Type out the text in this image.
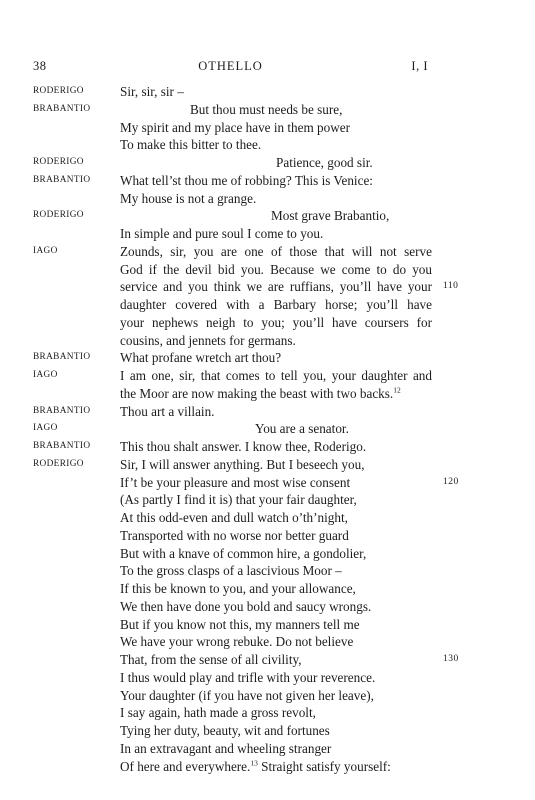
38	OTHELLO	I, I
RODERIGO	Sir, sir, sir –
BRABANTIO	But thou must needs be sure,
My spirit and my place have in them power
To make this bitter to thee.
RODERIGO	Patience, good sir.
BRABANTIO What tell’st thou me of robbing? This is Venice:
My house is not a grange.
RODERIGO	Most grave Brabantio,
In simple and pure soul I come to you.
IAGO	Zounds, sir, you are one of those that will not serve
God if the devil bid you. Because we come to do you
service and you think we are ruffians, you’ll have your 110
daughter covered with a Barbary horse; you’ll have
your nephews neigh to you; you’ll have coursers for
cousins, and jennets for germans.
BRABANTIO What profane wretch art thou?
IAGO	I am one, sir, that comes to tell you, your daughter and
the Moor are now making the beast with two backs.$^{12}$
BRABANTIO Thou art a villain.
IAGO	You are a senator.
BRABANTIO This thou shalt answer. I know thee, Roderigo.
RODERIGO	Sir, I will answer anything. But I beseech you,
If’t be your pleasure and most wise consent	120
(As partly I find it is) that your fair daughter,
At this odd-even and dull watch o’th’night,
Transported with no worse nor better guard
But with a knave of common hire, a gondolier,
To the gross clasps of a lascivious Moor –
If this be known to you, and your allowance,
We then have done you bold and saucy wrongs.
But if you know not this, my manners tell me
We have your wrong rebuke. Do not believe
That, from the sense of all civility,	130
I thus would play and trifle with your reverence.
Your daughter (if you have not given her leave),
I say again, hath made a gross revolt,
Tying her duty, beauty, wit and fortunes
In an extravagant and wheeling stranger
Of here and everywhere.$^{13}$ Straight satisfy yourself:
